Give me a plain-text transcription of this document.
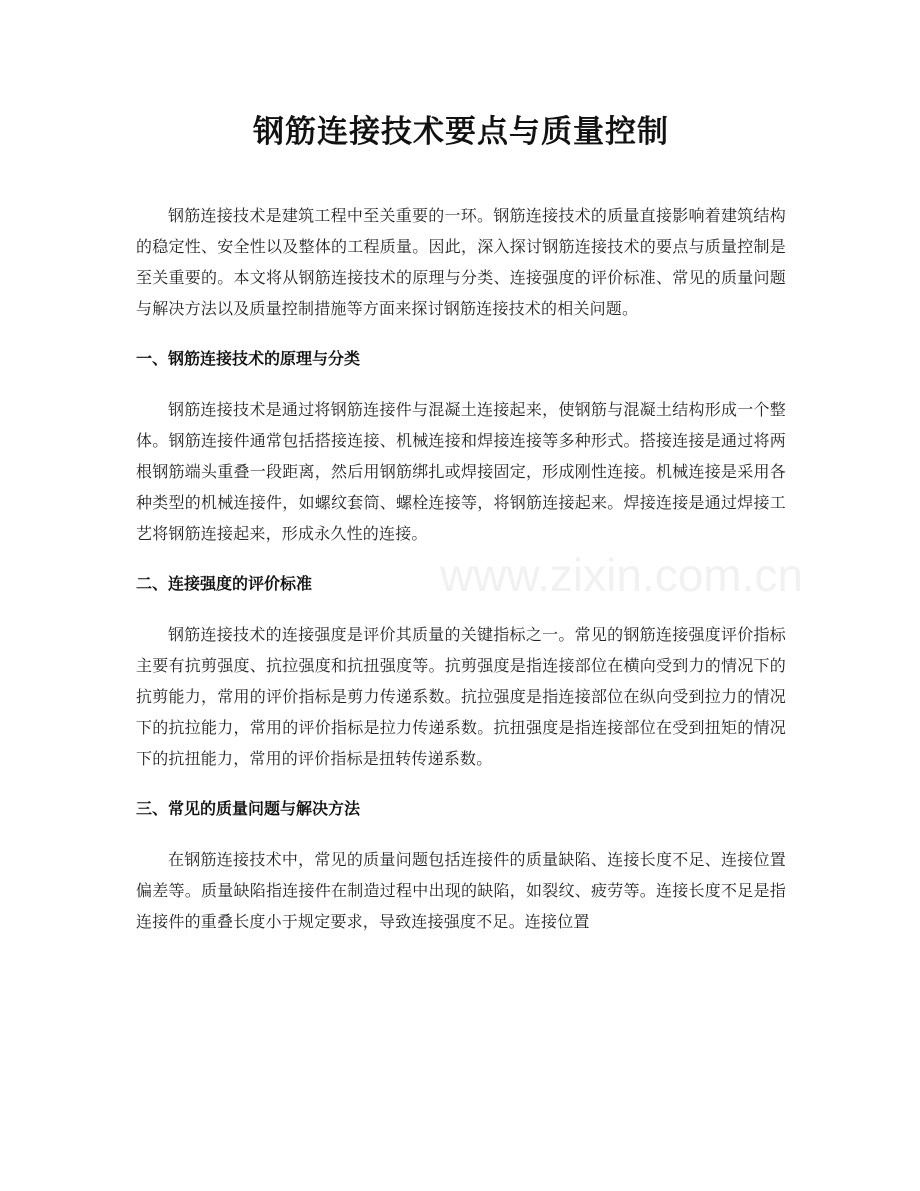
www.zixin.com.cn
钢筋连接技术要点与质量控制

钢筋连接技术是建筑工程中至关重要的一环。钢筋连接技术的质量直接影响着建筑结构的稳定性、安全性以及整体的工程质量。因此，深入探讨钢筋连接技术的要点与质量控制是至关重要的。本文将从钢筋连接技术的原理与分类、连接强度的评价标准、常见的质量问题与解决方法以及质量控制措施等方面来探讨钢筋连接技术的相关问题。

一、钢筋连接技术的原理与分类

钢筋连接技术是通过将钢筋连接件与混凝土连接起来，使钢筋与混凝土结构形成一个整体。钢筋连接件通常包括搭接连接、机械连接和焊接连接等多种形式。搭接连接是通过将两根钢筋端头重叠一段距离，然后用钢筋绑扎或焊接固定，形成刚性连接。机械连接是采用各种类型的机械连接件，如螺纹套筒、螺栓连接等，将钢筋连接起来。焊接连接是通过焊接工艺将钢筋连接起来，形成永久性的连接。

二、连接强度的评价标准

钢筋连接技术的连接强度是评价其质量的关键指标之一。常见的钢筋连接强度评价指标主要有抗剪强度、抗拉强度和抗扭强度等。抗剪强度是指连接部位在横向受到力的情况下的抗剪能力，常用的评价指标是剪力传递系数。抗拉强度是指连接部位在纵向受到拉力的情况下的抗拉能力，常用的评价指标是拉力传递系数。抗扭强度是指连接部位在受到扭矩的情况下的抗扭能力，常用的评价指标是扭转传递系数。

三、常见的质量问题与解决方法

在钢筋连接技术中，常见的质量问题包括连接件的质量缺陷、连接长度不足、连接位置偏差等。质量缺陷指连接件在制造过程中出现的缺陷，如裂纹、疲劳等。连接长度不足是指连接件的重叠长度小于规定要求，导致连接强度不足。连接位置
